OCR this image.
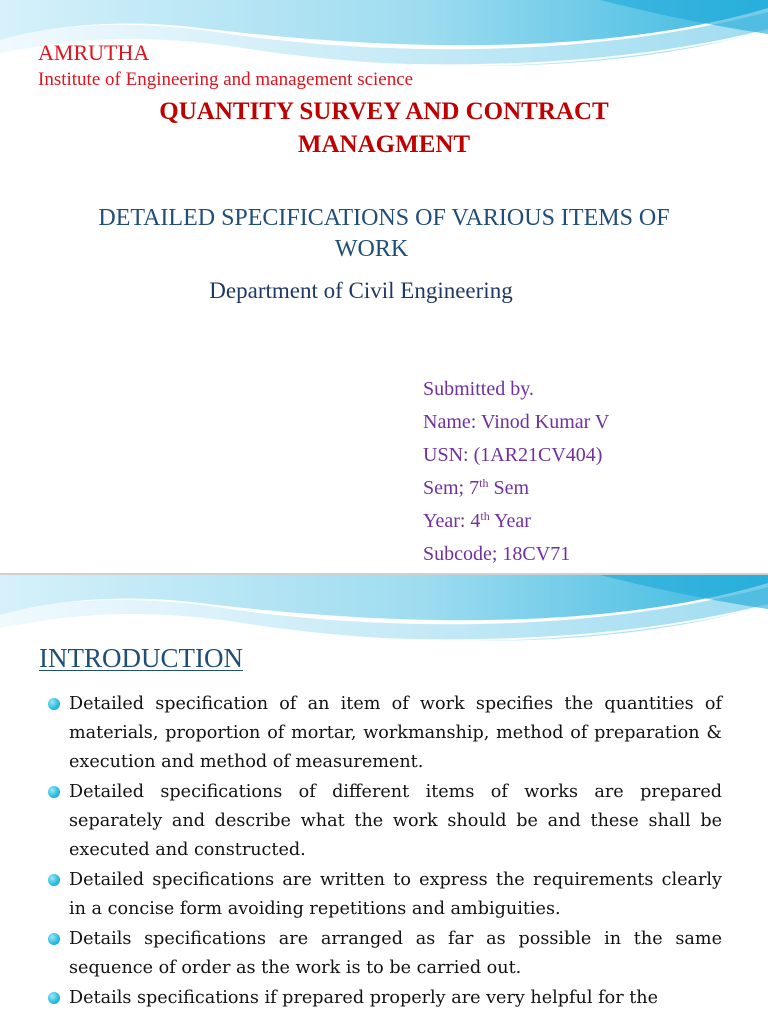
AMRUTHA

Institute of Engineering and management science

QUANTITY SURVEY AND CONTRACT
MANAGMENT

DETAILED SPECIFICATIONS OF VARIOUS ITEMS OF
WORK

Department of Civil Engineering

Submitted by.

Name: Vinod Kumar V

USN: (1AR21CV404)

Sem; 7th Sem

Year: 4th Year

Subcode; 18CV71

INTRODUCTION

Detailed specification of an item of work specifies the quantities of materials, proportion of mortar, workmanship, method of preparation & execution and method of measurement.
Detailed specifications of different items of works are prepared separately and describe what the work should be and these shall be executed and constructed.
Detailed specifications are written to express the requirements clearly in a concise form avoiding repetitions and ambiguities.
Details specifications are arranged as far as possible in the same sequence of order as the work is to be carried out.
Details specifications if prepared properly are very helpful for the
